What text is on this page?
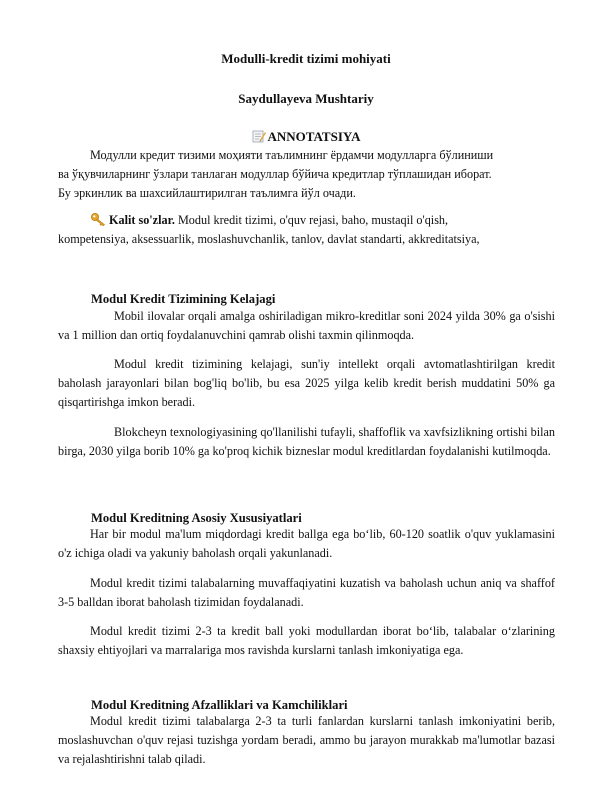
Modulli-kredit tizimi mohiyati
Saydullayeva Mushtariy
ANNOTATSIYA

Модулли кредит тизими моҳияти таълимнинг ёрдамчи модулларга бўлиниши

ва ўқувчиларнинг ўзлари танлаган модуллар бўйича кредитлар тўплашидан иборат.

Бу эркинлик ва шахсийлаштирилган таълимга йўл очади.

Kalit so'zlar. Modul kredit tizimi, o'quv rejasi, baho, mustaqil o'qish,

kompetensiya, aksessuarlik, moslashuvchanlik, tanlov, davlat standarti, akkreditatsiya,

Modul Kredit Tizimining Kelajagi

Mobil ilovalar orqali amalga oshiriladigan mikro-kreditlar soni 2024 yilda 30% ga o'sishi va 1 million dan ortiq foydalanuvchini qamrab olishi taxmin qilinmoqda.

Modul kredit tizimining kelajagi, sun'iy intellekt orqali avtomatlashtirilgan kredit baholash jarayonlari bilan bog'liq bo'lib, bu esa 2025 yilga kelib kredit berish muddatini 50% ga qisqartirishga imkon beradi.

Blokcheyn texnologiyasining qo'llanilishi tufayli, shaffoflik va xavfsizlikning ortishi bilan birga, 2030 yilga borib 10% ga ko'proq kichik bizneslar modul kreditlardan foydalanishi kutilmoqda.

Modul Kreditning Asosiy Xususiyatlari

Har bir modul ma'lum miqdordagi kredit ballga ega bo‘lib, 60-120 soatlik o'quv yuklamasini o'z ichiga oladi va yakuniy baholash orqali yakunlanadi.

Modul kredit tizimi talabalarning muvaffaqiyatini kuzatish va baholash uchun aniq va shaffof 3-5 balldan iborat baholash tizimidan foydalanadi.

Modul kredit tizimi 2-3 ta kredit ball yoki modullardan iborat bo‘lib, talabalar o‘zlarining shaxsiy ehtiyojlari va marralariga mos ravishda kurslarni tanlash imkoniyatiga ega.

Modul Kreditning Afzalliklari va Kamchiliklari

Modul kredit tizimi talabalarga 2-3 ta turli fanlardan kurslarni tanlash imkoniyatini berib, moslashuvchan o'quv rejasi tuzishga yordam beradi, ammo bu jarayon murakkab ma'lumotlar bazasi va rejalashtirishni talab qiladi.
